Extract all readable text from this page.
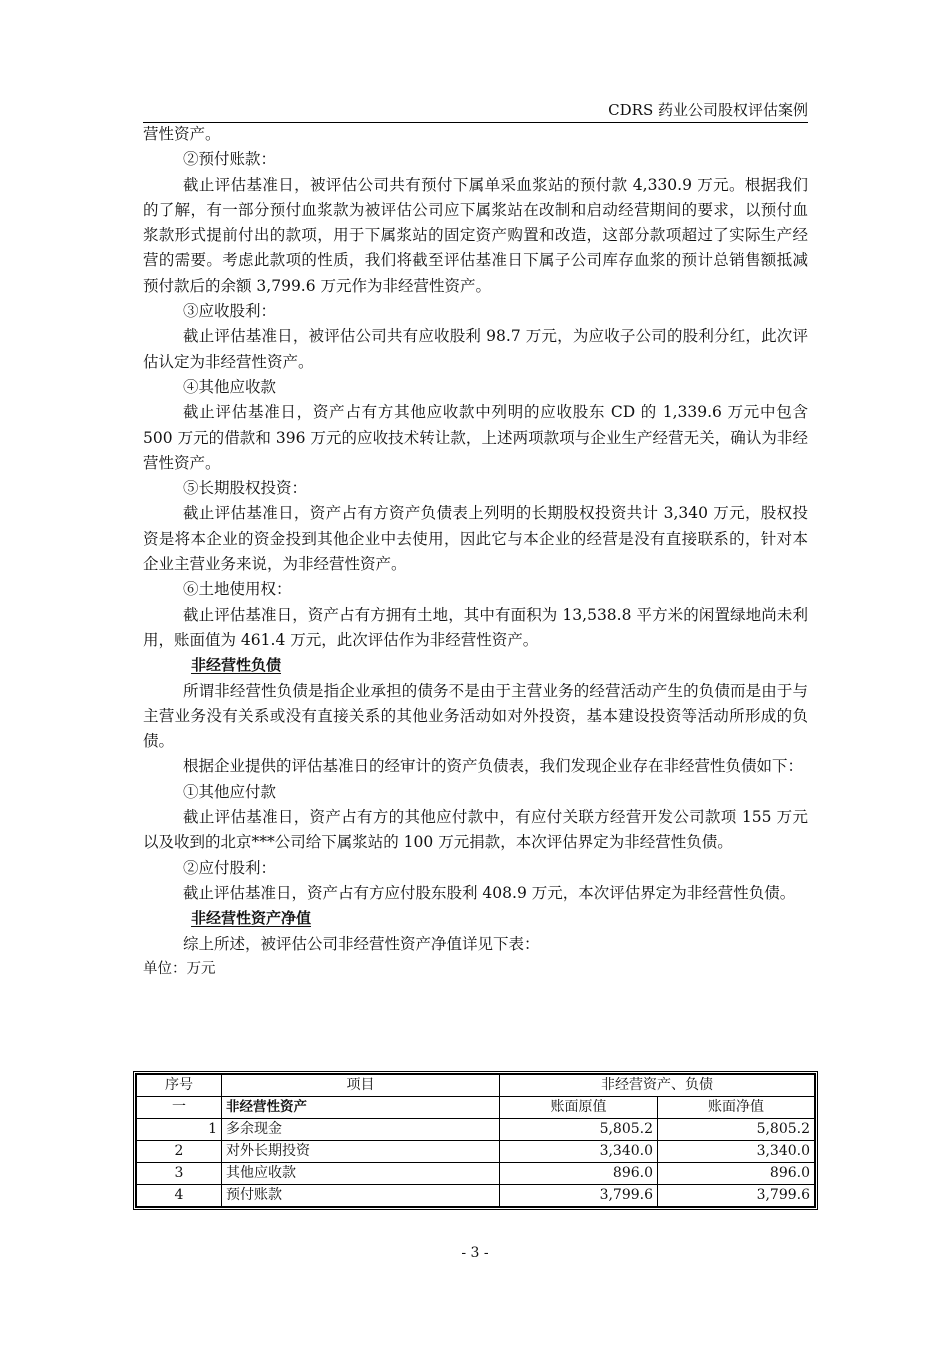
CDRS 药业公司股权评估案例

营性资产。

②预付账款：

截止评估基准日，被评估公司共有预付下属单采血浆站的预付款 4,330.9 万元。根据我们的了解，有一部分预付血浆款为被评估公司应下属浆站在改制和启动经营期间的要求，以预付血浆款形式提前付出的款项，用于下属浆站的固定资产购置和改造，这部分款项超过了实际生产经营的需要。考虑此款项的性质，我们将截至评估基准日下属子公司库存血浆的预计总销售额抵减预付款后的余额 3,799.6 万元作为非经营性资产。

③应收股利：

截止评估基准日，被评估公司共有应收股利 98.7 万元，为应收子公司的股利分红，此次评估认定为非经营性资产。

④其他应收款

截止评估基准日，资产占有方其他应收款中列明的应收股东 CD 的 1,339.6 万元中包含 500 万元的借款和 396 万元的应收技术转让款，上述两项款项与企业生产经营无关，确认为非经营性资产。

⑤长期股权投资：

截止评估基准日，资产占有方资产负债表上列明的长期股权投资共计 3,340 万元，股权投资是将本企业的资金投到其他企业中去使用，因此它与本企业的经营是没有直接联系的，针对本企业主营业务来说，为非经营性资产。

⑥土地使用权：

截止评估基准日，资产占有方拥有土地，其中有面积为 13,538.8 平方米的闲置绿地尚未利用，账面值为 461.4 万元，此次评估作为非经营性资产。

非经营性负债

所谓非经营性负债是指企业承担的债务不是由于主营业务的经营活动产生的负债而是由于与主营业务没有关系或没有直接关系的其他业务活动如对外投资，基本建设投资等活动所形成的负债。

根据企业提供的评估基准日的经审计的资产负债表，我们发现企业存在非经营性负债如下：

①其他应付款

截止评估基准日，资产占有方的其他应付款中，有应付关联方经营开发公司款项 155 万元以及收到的北京***公司给下属浆站的 100 万元捐款，本次评估界定为非经营性负债。

②应付股利：

截止评估基准日，资产占有方应付股东股利 408.9 万元，本次评估界定为非经营性负债。

非经营性资产净值

综上所述，被评估公司非经营性资产净值详见下表：

单位：万元

序号	项目	非经营资产、负债	
一	非经营性资产	账面原值	账面净值
1	多余现金	5,805.2	5,805.2
2	对外长期投资	3,340.0	3,340.0
3	其他应收款	896.0	896.0
4	预付账款	3,799.6	3,799.6
- 3 -
